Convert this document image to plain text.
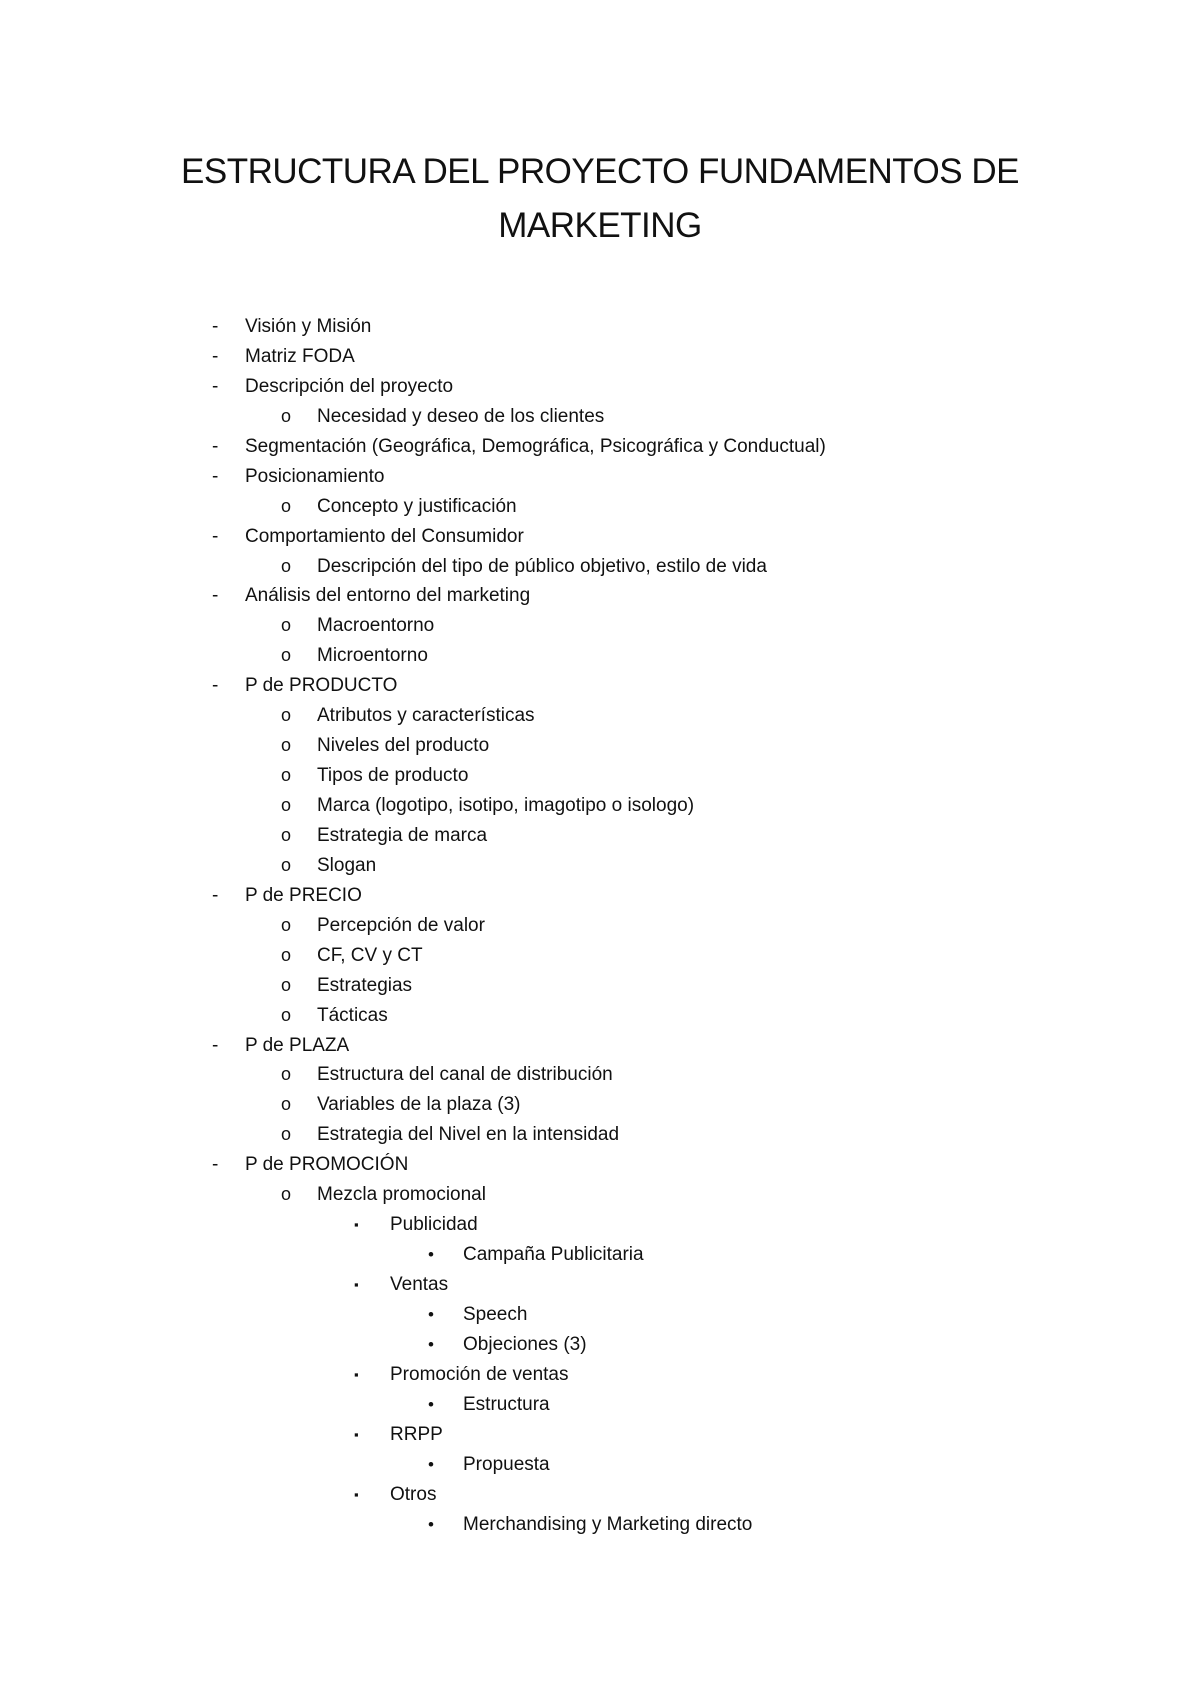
ESTRUCTURA DEL PROYECTO FUNDAMENTOS DE
MARKETING
- Visión y Misión
- Matriz FODA
- Descripción del proyecto
o Necesidad y deseo de los clientes
- Segmentación (Geográfica, Demográfica, Psicográfica y Conductual)
- Posicionamiento
o Concepto y justificación
- Comportamiento del Consumidor
o Descripción del tipo de público objetivo, estilo de vida
- Análisis del entorno del marketing
o Macroentorno
o Microentorno
- P de PRODUCTO
o Atributos y características
o Niveles del producto
o Tipos de producto
o Marca (logotipo, isotipo, imagotipo o isologo)
o Estrategia de marca
o Slogan
- P de PRECIO
o Percepción de valor
o CF, CV y CT
o Estrategias
o Tácticas
- P de PLAZA
o Estructura del canal de distribución
o Variables de la plaza (3)
o Estrategia del Nivel en la intensidad
- P de PROMOCIÓN
o Mezcla promocional
▪ Publicidad
• Campaña Publicitaria
▪ Ventas
• Speech
• Objeciones (3)
▪ Promoción de ventas
• Estructura
▪ RRPP
• Propuesta
▪ Otros
• Merchandising y Marketing directo
